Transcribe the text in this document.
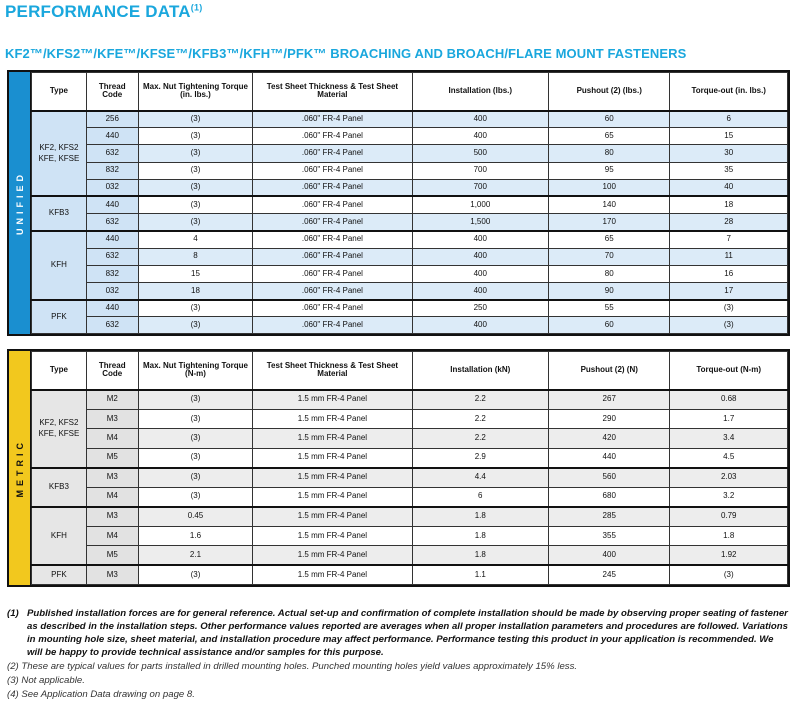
PERFORMANCE DATA$^{(1)}$
KF2™/KFS2™/KFE™/KFSE™/KFB3™/KFH™/PFK™ BROACHING AND BROACH/FLARE MOUNT FASTENERS
UNIFIED
Type	Thread Code	Max. Nut Tightening Torque (in. lbs.)	Test Sheet Thickness & Test Sheet Material	Installation (lbs.)	Pushout (2) (lbs.)	Torque-out (in. lbs.)

KF2, KFS2
KFE, KFSE	256	(3)	.060" FR-4 Panel	400	60	6
	440	(3)	.060" FR-4 Panel	400	65	15
	632	(3)	.060" FR-4 Panel	500	80	30
	832	(3)	.060" FR-4 Panel	700	95	35
	032	(3)	.060" FR-4 Panel	700	100	40

KFB3	440	(3)	.060" FR-4 Panel	1,000	140	18
	632	(3)	.060" FR-4 Panel	1,500	170	28

KFH	440	4	.060" FR-4 Panel	400	65	7
	632	8	.060" FR-4 Panel	400	70	11
	832	15	.060" FR-4 Panel	400	80	16
	032	18	.060" FR-4 Panel	400	90	17

PFK	440	(3)	.060" FR-4 Panel	250	55	(3)
	632	(3)	.060" FR-4 Panel	400	60	(3)
METRIC
Type	Thread Code	Max. Nut Tightening Torque (N-m)	Test Sheet Thickness & Test Sheet Material	Installation (kN)	Pushout (2) (N)	Torque-out (N-m)

KF2, KFS2
KFE, KFSE	M2	(3)	1.5 mm FR-4 Panel	2.2	267	0.68
	M3	(3)	1.5 mm FR-4 Panel	2.2	290	1.7
	M4	(3)	1.5 mm FR-4 Panel	2.2	420	3.4
	M5	(3)	1.5 mm FR-4 Panel	2.9	440	4.5

KFB3	M3	(3)	1.5 mm FR-4 Panel	4.4	560	2.03
	M4	(3)	1.5 mm FR-4 Panel	6	680	3.2

KFH	M3	0.45	1.5 mm FR-4 Panel	1.8	285	0.79
	M4	1.6	1.5 mm FR-4 Panel	1.8	355	1.8
	M5	2.1	1.5 mm FR-4 Panel	1.8	400	1.92

PFK	M3	(3)	1.5 mm FR-4 Panel	1.1	245	(3)

(1) Published installation forces are for general reference. Actual set-up and confirmation of complete installation should be made by observing proper seating of fastener as described in the installation steps. Other performance values reported are averages when all proper installation parameters and procedures are followed. Variations in mounting hole size, sheet material, and installation procedure may affect performance. Performance testing this product in your application is recommended. We will be happy to provide technical assistance and/or samples for this purpose.

(2) These are typical values for parts installed in drilled mounting holes. Punched mounting holes yield values approximately 15% less.

(3) Not applicable.

(4) See Application Data drawing on page 8.
